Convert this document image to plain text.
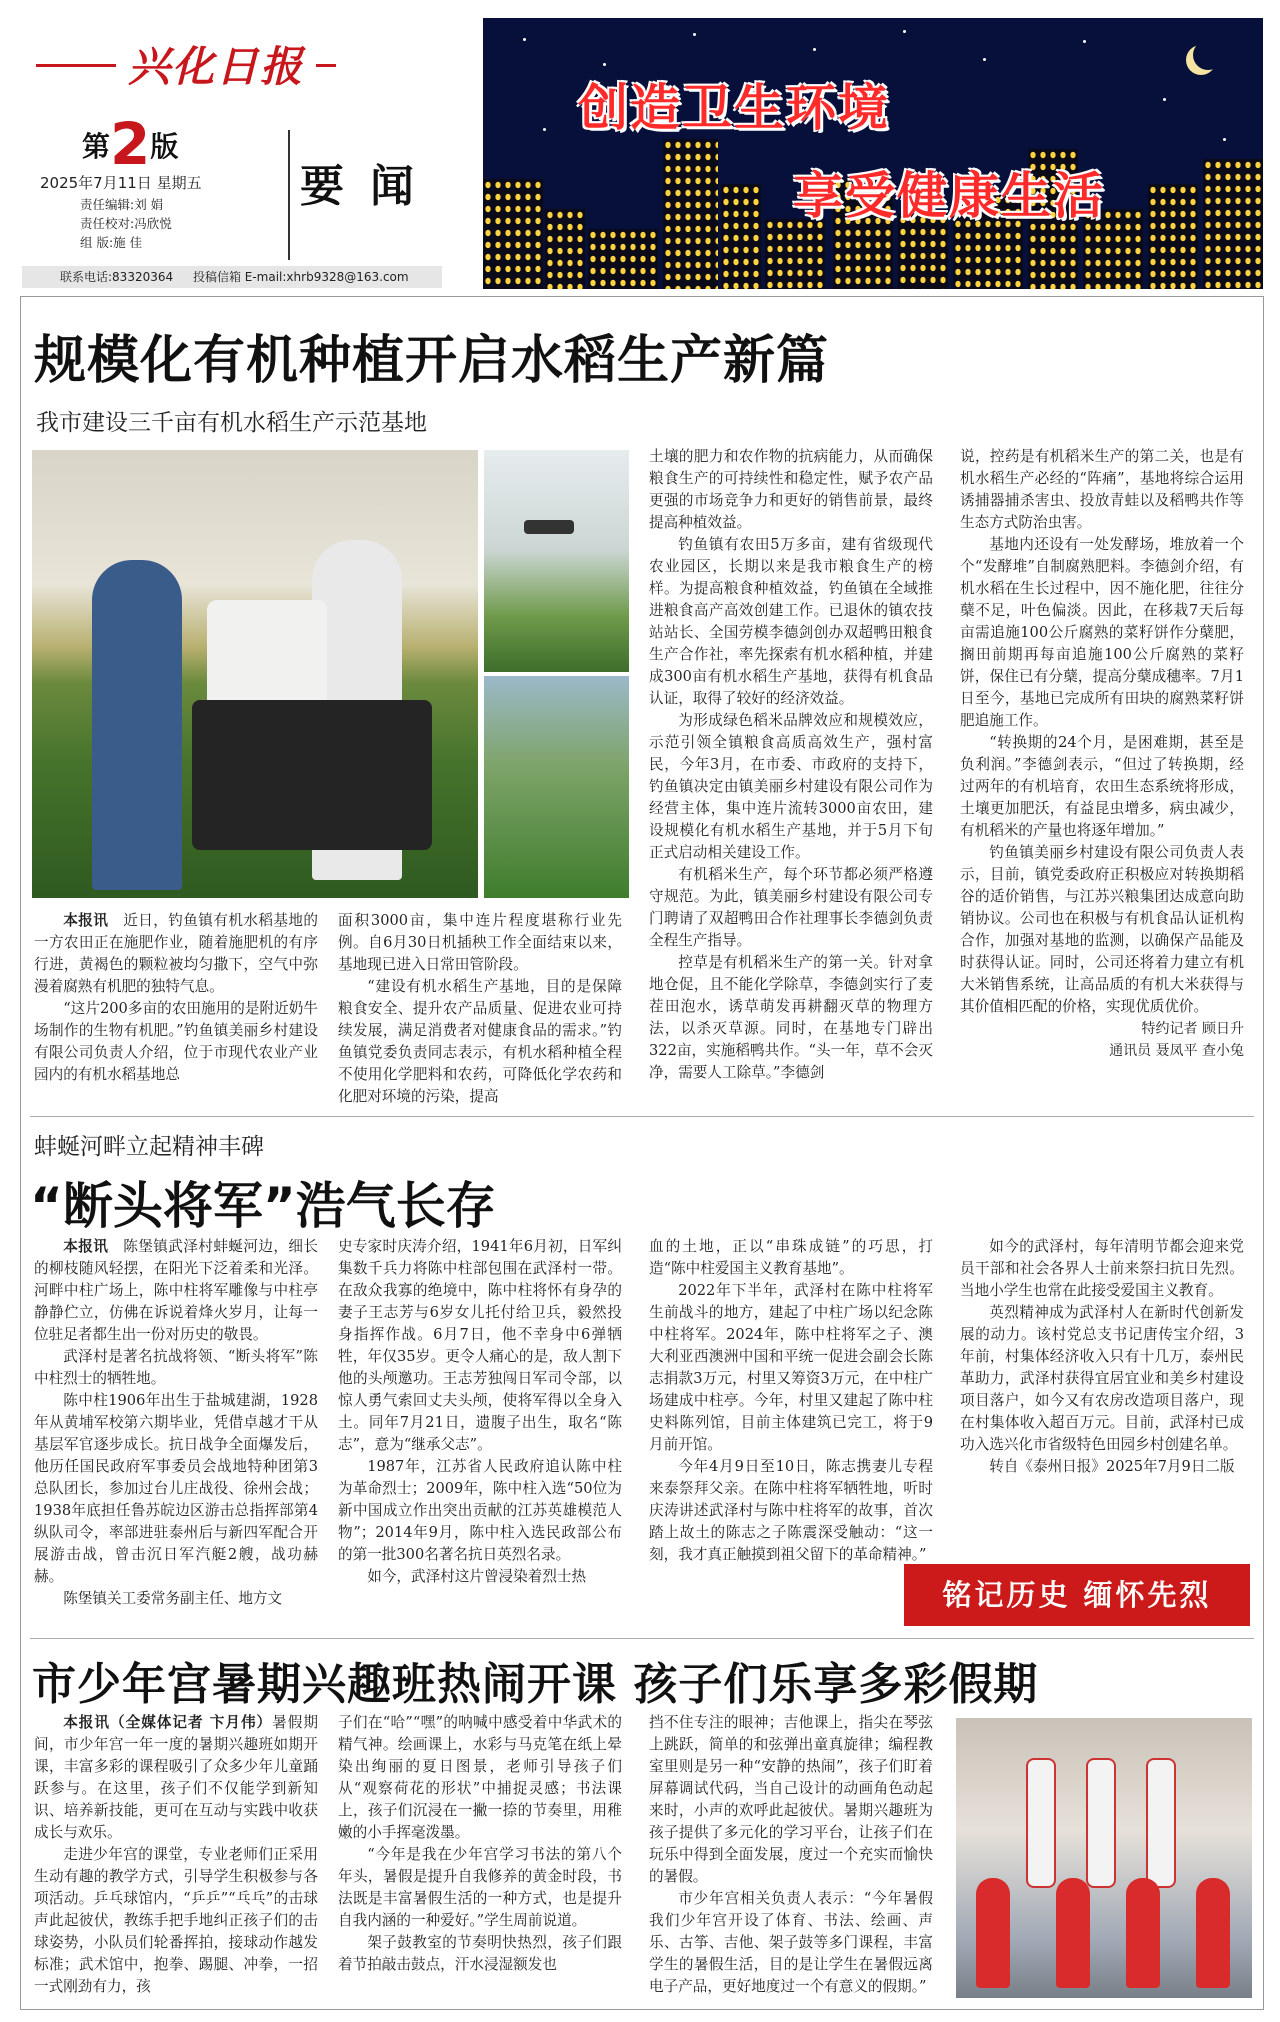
兴化日报
第2版
2025年7月11日 星期五
责任编辑:刘 娟
责任校对:冯欣悦
组 版:施 佳
要闻
联系电话:83320364 投稿信箱 E-mail:xhrb9328@163.com
创造卫生环境
享受健康生活
规模化有机种植开启水稻生产新篇
我市建设三千亩有机水稻生产示范基地

本报讯　 近日，钓鱼镇有机水稻基地的一方农田正在施肥作业，随着施肥机的有序行进，黄褐色的颗粒被均匀撒下，空气中弥漫着腐熟有机肥的独特气息。

“这片200多亩的农田施用的是附近奶牛场制作的生物有机肥。”钓鱼镇美丽乡村建设有限公司负责人介绍，位于市现代农业产业园内的有机水稻基地总

面积3000亩，集中连片程度堪称行业先例。自6月30日机插秧工作全面结束以来，基地现已进入日常田管阶段。

“建设有机水稻生产基地，目的是保障粮食安全、提升农产品质量、促进农业可持续发展，满足消费者对健康食品的需求。”钓鱼镇党委负责同志表示，有机水稻种植全程不使用化学肥料和农药，可降低化学农药和化肥对环境的污染，提高

土壤的肥力和农作物的抗病能力，从而确保粮食生产的可持续性和稳定性，赋予农产品更强的市场竞争力和更好的销售前景，最终提高种植效益。

钓鱼镇有农田5万多亩，建有省级现代农业园区，长期以来是我市粮食生产的榜样。为提高粮食种植效益，钓鱼镇在全域推进粮食高产高效创建工作。已退休的镇农技站站长、全国劳模李德剑创办双超鸭田粮食生产合作社，率先探索有机水稻种植，并建成300亩有机水稻生产基地，获得有机食品认证，取得了较好的经济效益。

为形成绿色稻米品牌效应和规模效应，示范引领全镇粮食高质高效生产，强村富民，今年3月，在市委、市政府的支持下，钓鱼镇决定由镇美丽乡村建设有限公司作为经营主体，集中连片流转3000亩农田，建设规模化有机水稻生产基地，并于5月下旬正式启动相关建设工作。

有机稻米生产，每个环节都必须严格遵守规范。为此，镇美丽乡村建设有限公司专门聘请了双超鸭田合作社理事长李德剑负责全程生产指导。

控草是有机稻米生产的第一关。针对拿地仓促，且不能化学除草，李德剑实行了麦茬田泡水，诱草萌发再耕翻灭草的物理方法，以杀灭草源。同时，在基地专门辟出322亩，实施稻鸭共作。“头一年，草不会灭净，需要人工除草。”李德剑

说，控药是有机稻米生产的第二关，也是有机水稻生产必经的“阵痛”，基地将综合运用诱捕器捕杀害虫、投放青蛙以及稻鸭共作等生态方式防治虫害。

基地内还设有一处发酵场，堆放着一个个“发酵堆”自制腐熟肥料。李德剑介绍，有机水稻在生长过程中，因不施化肥，往往分蘖不足，叶色偏淡。因此，在移栽7天后每亩需追施100公斤腐熟的菜籽饼作分蘖肥，搁田前期再每亩追施100公斤腐熟的菜籽饼，保住已有分蘖，提高分蘖成穗率。7月1日至今，基地已完成所有田块的腐熟菜籽饼肥追施工作。

“转换期的24个月，是困难期，甚至是负利润。”李德剑表示，“但过了转换期，经过两年的有机培育，农田生态系统将形成，土壤更加肥沃，有益昆虫增多，病虫减少，有机稻米的产量也将逐年增加。”

钓鱼镇美丽乡村建设有限公司负责人表示，目前，镇党委政府正积极应对转换期稻谷的适价销售，与江苏兴粮集团达成意向助销协议。公司也在积极与有机食品认证机构合作，加强对基地的监测，以确保产品能及时获得认证。同时，公司还将着力建立有机大米销售系统，让高品质的有机大米获得与其价值相匹配的价格，实现优质优价。

特约记者 顾日升
通讯员 聂凤平 查小兔
蚌蜒河畔立起精神丰碑
“断头将军”浩气长存

本报讯　 陈堡镇武泽村蚌蜒河边，细长的柳枝随风轻摆，在阳光下泛着柔和光泽。河畔中柱广场上，陈中柱将军雕像与中柱亭静静伫立，仿佛在诉说着烽火岁月，让每一位驻足者都生出一份对历史的敬畏。

武泽村是著名抗战将领、“断头将军”陈中柱烈士的牺牲地。

陈中柱1906年出生于盐城建湖，1928年从黄埔军校第六期毕业，凭借卓越才干从基层军官逐步成长。抗日战争全面爆发后，他历任国民政府军事委员会战地特种团第3总队团长，参加过台儿庄战役、徐州会战；1938年底担任鲁苏皖边区游击总指挥部第4纵队司令，率部进驻泰州后与新四军配合开展游击战，曾击沉日军汽艇2艘，战功赫赫。

陈堡镇关工委常务副主任、地方文

史专家时庆涛介绍，1941年6月初，日军纠集数千兵力将陈中柱部包围在武泽村一带。在敌众我寡的绝境中，陈中柱将怀有身孕的妻子王志芳与6岁女儿托付给卫兵，毅然投身指挥作战。6月7日，他不幸身中6弹牺牲，年仅35岁。更令人痛心的是，敌人割下他的头颅邀功。王志芳独闯日军司令部，以惊人勇气索回丈夫头颅，使将军得以全身入土。同年7月21日，遗腹子出生，取名“陈志”，意为“继承父志”。

1987年，江苏省人民政府追认陈中柱为革命烈士；2009年，陈中柱入选“50位为新中国成立作出突出贡献的江苏英雄模范人物”；2014年9月，陈中柱入选民政部公布的第一批300名著名抗日英烈名录。

如今，武泽村这片曾浸染着烈士热

血的土地，正以“串珠成链”的巧思，打造“陈中柱爱国主义教育基地”。

2022年下半年，武泽村在陈中柱将军生前战斗的地方，建起了中柱广场以纪念陈中柱将军。2024年，陈中柱将军之子、澳大利亚西澳洲中国和平统一促进会副会长陈志捐款3万元，村里又筹资3万元，在中柱广场建成中柱亭。今年，村里又建起了陈中柱史料陈列馆，目前主体建筑已完工，将于9月前开馆。

今年4月9日至10日，陈志携妻儿专程来泰祭拜父亲。在陈中柱将军牺牲地，听时庆涛讲述武泽村与陈中柱将军的故事，首次踏上故土的陈志之子陈震深受触动：“这一刻，我才真正触摸到祖父留下的革命精神。”

如今的武泽村，每年清明节都会迎来党员干部和社会各界人士前来祭扫抗日先烈。当地小学生也常在此接受爱国主义教育。

英烈精神成为武泽村人在新时代创新发展的动力。该村党总支书记唐传宝介绍，3年前，村集体经济收入只有十几万，泰州民革助力，武泽村获得宜居宜业和美乡村建设项目落户，如今又有农房改造项目落户，现在村集体收入超百万元。目前，武泽村已成功入选兴化市省级特色田园乡村创建名单。

转自《泰州日报》2025年7月9日二版

铭记历史 缅怀先烈
市少年宫暑期兴趣班热闹开课 孩子们乐享多彩假期

本报讯（全媒体记者 卞月伟）暑假期间，市少年宫一年一度的暑期兴趣班如期开课，丰富多彩的课程吸引了众多少年儿童踊跃参与。在这里，孩子们不仅能学到新知识、培养新技能，更可在互动与实践中收获成长与欢乐。

走进少年宫的课堂，专业老师们正采用生动有趣的教学方式，引导学生积极参与各项活动。乒乓球馆内，“乒乒”“乓乓”的击球声此起彼伏，教练手把手地纠正孩子们的击球姿势，小队员们轮番挥拍，接球动作越发标准；武术馆中，抱拳、踢腿、冲拳，一招一式刚劲有力，孩

子们在“哈”“嘿”的呐喊中感受着中华武术的精气神。绘画课上，水彩与马克笔在纸上晕染出绚丽的夏日图景，老师引导孩子们从“观察荷花的形状”中捕捉灵感；书法课上，孩子们沉浸在一撇一捺的节奏里，用稚嫩的小手挥毫泼墨。

“今年是我在少年宫学习书法的第八个年头，暑假是提升自我修养的黄金时段，书法既是丰富暑假生活的一种方式，也是提升自我内涵的一种爱好。”学生周前说道。

架子鼓教室的节奏明快热烈，孩子们跟着节拍敲击鼓点，汗水浸湿额发也

挡不住专注的眼神；吉他课上，指尖在琴弦上跳跃，简单的和弦弹出童真旋律；编程教室里则是另一种“安静的热闹”，孩子们盯着屏幕调试代码，当自己设计的动画角色动起来时，小声的欢呼此起彼伏。暑期兴趣班为孩子提供了多元化的学习平台，让孩子们在玩乐中得到全面发展，度过一个充实而愉快的暑假。

市少年宫相关负责人表示：“今年暑假我们少年宫开设了体育、书法、绘画、声乐、古筝、吉他、架子鼓等多门课程，丰富学生的暑假生活，目的是让学生在暑假远离电子产品，更好地度过一个有意义的假期。”
